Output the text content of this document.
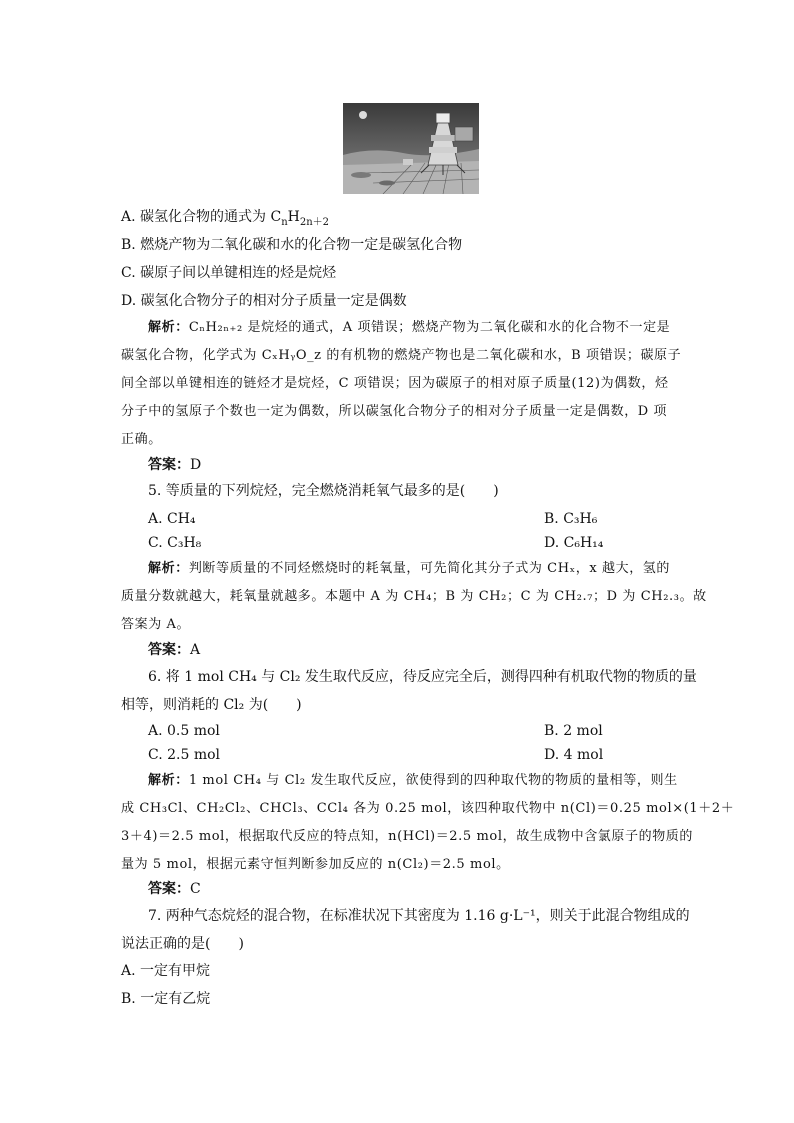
A. 碳氢化合物的通式为 $C_nH_{2n+2}$
B. 燃烧产物为二氧化碳和水的化合物一定是碳氢化合物
C. 碳原子间以单键相连的烃是烷烃
D. 碳氢化合物分子的相对分子质量一定是偶数
解析：CₙH₂ₙ₊₂ 是烷烃的通式，A 项错误；燃烧产物为二氧化碳和水的化合物不一定是
碳氢化合物，化学式为 CₓHᵧO_z 的有机物的燃烧产物也是二氧化碳和水，B 项错误；碳原子
间全部以单键相连的链烃才是烷烃，C 项错误；因为碳原子的相对原子质量(12)为偶数，烃
分子中的氢原子个数也一定为偶数，所以碳氢化合物分子的相对分子质量一定是偶数，D 项
正确。
答案：D
5. 等质量的下列烷烃，完全燃烧消耗氧气最多的是(　　)
A. CH₄	B. C₃H₆
C. C₃H₈	D. C₆H₁₄
解析：判断等质量的不同烃燃烧时的耗氧量，可先简化其分子式为 CHₓ，x 越大，氢的
质量分数就越大，耗氧量就越多。本题中 A 为 CH₄；B 为 CH₂；C 为 CH₂.₇；D 为 CH₂.₃。故
答案为 A。
答案：A
6. 将 1 mol CH₄ 与 Cl₂ 发生取代反应，待反应完全后，测得四种有机取代物的物质的量
相等，则消耗的 Cl₂ 为(　　)
A. 0.5 mol	B. 2 mol
C. 2.5 mol	D. 4 mol
解析：1 mol CH₄ 与 Cl₂ 发生取代反应，欲使得到的四种取代物的物质的量相等，则生
成 CH₃Cl、CH₂Cl₂、CHCl₃、CCl₄ 各为 0.25 mol，该四种取代物中 n(Cl)＝0.25 mol×(1＋2＋
3＋4)＝2.5 mol，根据取代反应的特点知，n(HCl)＝2.5 mol，故生成物中含氯原子的物质的
量为 5 mol，根据元素守恒判断参加反应的 n(Cl₂)＝2.5 mol。
答案：C
7. 两种气态烷烃的混合物，在标准状况下其密度为 1.16 g·L⁻¹，则关于此混合物组成的
说法正确的是(　　)
A. 一定有甲烷
B. 一定有乙烷
